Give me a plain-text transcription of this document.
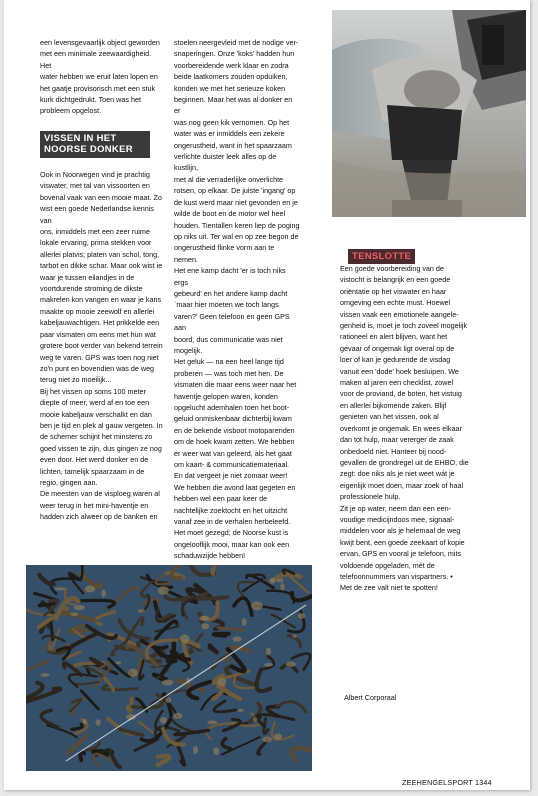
een levensgevaarlijk object geworden

met een minimale zeewaardigheid. Het

water hebben we eruit laten lopen en

het gaatje provisorisch met een stuk

kurk dichtgedrukt. Toen was het

probleem opgelost.

VISSEN IN HET
NOORSE DONKER

Ook in Noorwegen vind je prachtig

viswater, met tal van vissoorten en

bovenal vaak van een mooie maat. Zo

wist een goede Nederlandse kennis van

ons, inmiddels met een zeer ruime

lokale ervaring, prima stekken voor

allerlei platvis; platen van schol, tong,

tarbot en dikke schar. Maar ook wist ie

waar je tussen eilandjes in de

voortdurende stroming de dikste

makrelen kon vangen en waar je kans

maakte op mooie zeewolf en allerlei

kabeljauwachtigen. Het prikkelde een

paar vismaten om eens met hun wat

grotere boot verder van bekend terrein

weg te varen. GPS was toen nog niet

zo'n punt en bovendien was de weg

terug niet zo moeilijk...

Bij het vissen op soms 100 meter

diepte of meer, werd af en toe een

mooie kabeljauw verschalkt en dan

ben je tijd en plek al gauw vergeten. In

de schemer schijnt het minstens zo

goed vissen te zijn, dus gingen ze nog

even door. Het werd donker en de

lichten, tamelijk spaarzaam in de

regio, gingen aan.

De meesten van de visploeg waren al

weer terug in het mini-haventje en

hadden zich alweer op de banken en

stoelen neergevleid met de nodige ver-

snaperingen. Onze 'koks' hadden hun

voorbereidende werk klaar en zodra

beide laatkomers zouden opduiken,

konden we met het serieuze koken

beginnen. Maar het was al donker en er

was nog geen kik vernomen. Op het

water was er inmiddels een zekere

ongerustheid, want in het spaarzaam

verlichte duister leek alles op de kustlijn,

met al die verraderlijke onverlichte

rotsen, op elkaar. De juiste 'ingang' op

de kust werd maar niet gevonden en je

wilde de boot en de motor wel heel

houden. Tientallen keren liep de poging

op niks uit. Ter wal en op zee begon de

ongerustheid flinke vorm aan te nemen.

Het ene kamp dacht 'er is toch niks ergs

gebeurd' en het andere kamp dacht

`maar hier moeten we toch langs

varen?' Geen telefoon en geen GPS aan

boord, dus communicatie was niet

mogelijk.

Het geluk — na een heel lange tijd

proberen — was toch met hen. De

vismaten die maar eens weer naar het

haventje gelopen waren, konden

opgelucht ademhalen toen het boot-

geluid onmiskenbaar dichterbij kwam

en de bekende visboot motoparenden

om de hoek kwam zetten. We hebben

er weer wat van geleerd, als het gaat

om kaart- & communicatiemateriaal.

En dat vergeet je niet zomaar weer!

We hebben die avond laat gegeten en

hebben wel een paar keer de

nachtelijke zoektocht en het uitzicht

vanaf zee in de verhalen herbeleefd.

Het moet gezegd; de Noorse kust is

ongelooflijk mooi, maar kan ook een

schaduwzijde hebben!

TENSLOTTE

Een goede voorbereiding van de

vistocht is belangrijk en een goede

oriëntatie op het viswater en haar

omgeving een echte must. Hoewel

vissen vaak een emotionele aangele-

genheid is, moet je toch zoveel mogelijk

rationeel en alert blijven, want het

gevaar of ongemak ligt overal op de

loer of kan je gedurende de visdag

vanuit een 'dode' hoek besluipen. We

maken al jaren een checklist, zowel

voor de proviand, de boten, het vistuig

en allerlei bijkomende zaken. Blijf

genieten van het vissen, ook al

overkomt je ongemak. En wees elkaar

dan tot hulp, maar vererger de zaak

onbedoeld niet. Hanteer bij nood-

gevallen de grondregel uit de EHBO, die

zegt: doe niks als je niet weet wát je

eigenlijk moet doen, maar zoek of haal

professionele hulp.

Zit je op water, neem dan een een-

voudige medicijndoos mee, signaal-

middelen voor als je helemaal de weg

kwijt bent, een goede zeekaart of kopie

ervan, GPS en vooral je telefoon, mits

voldoende opgeladen, mét de

telefoonnummers van vispartners. •

Met de zee valt niet te spotten!

Albert Corporaal
ZEEHENGELSPORT 1344
